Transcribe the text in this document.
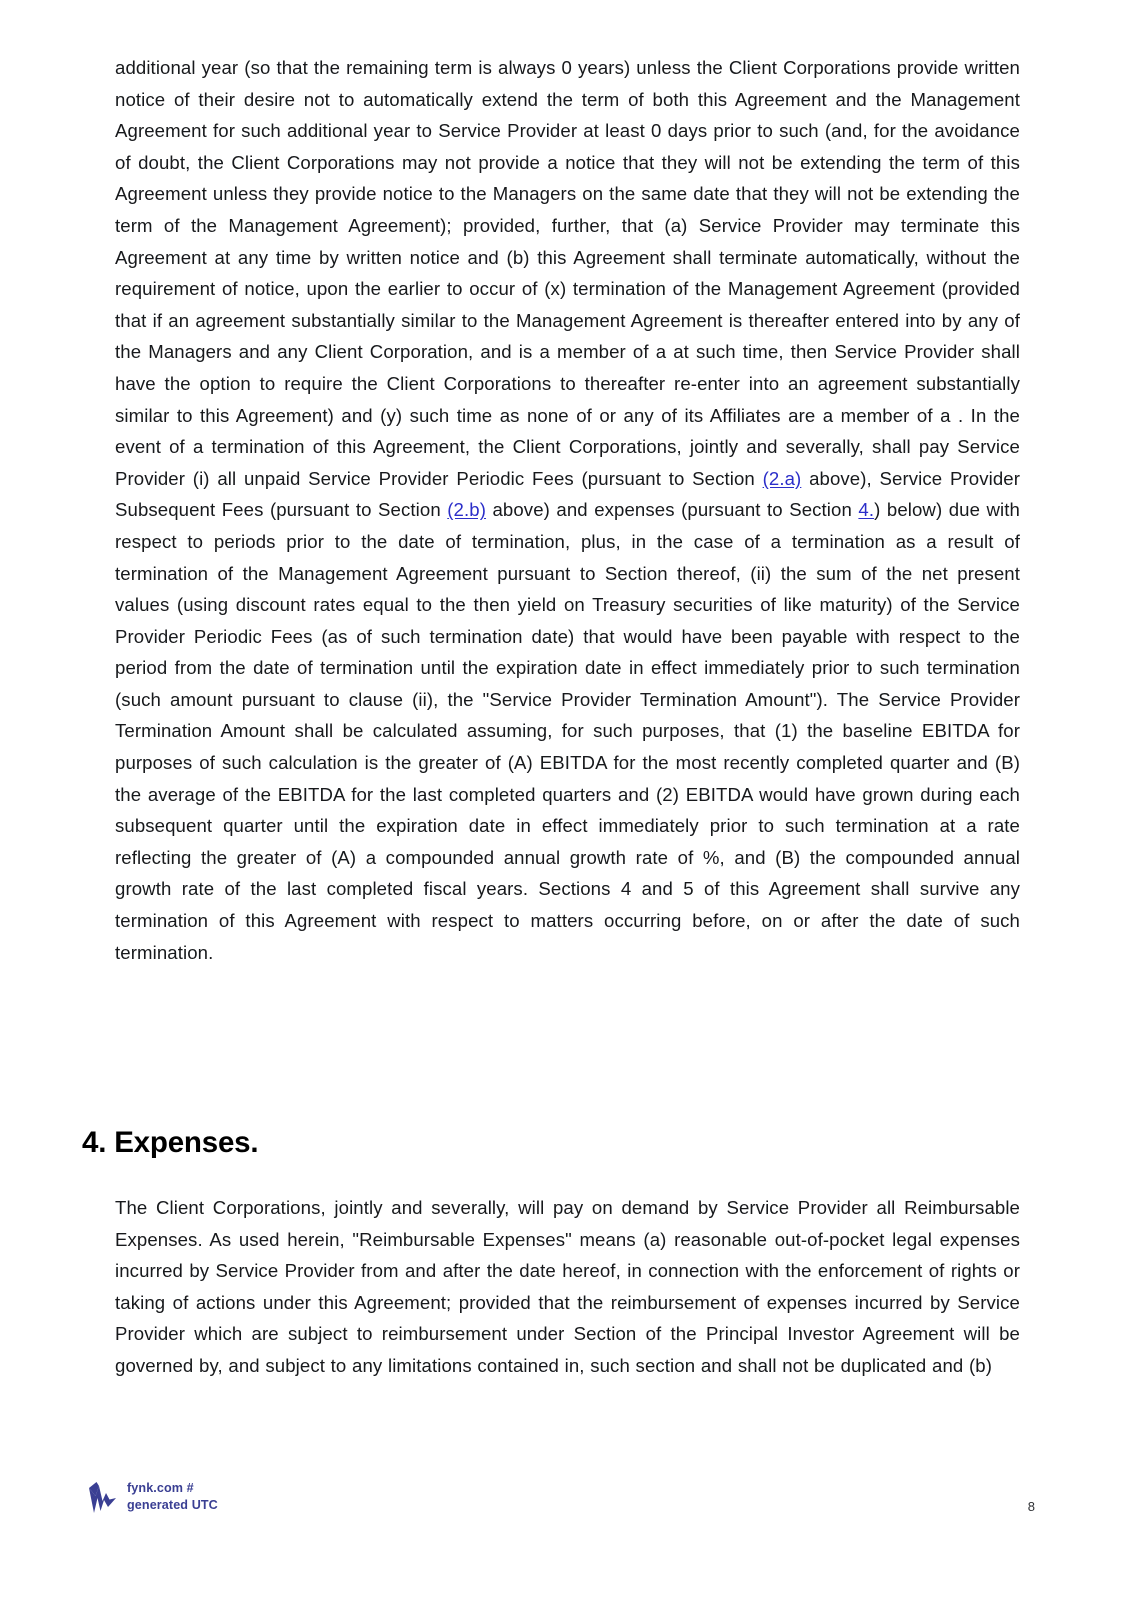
additional year (so that the remaining term is always 0 years) unless the Client Corporations provide written notice of their desire not to automatically extend the term of both this Agreement and the Management Agreement for such additional year to Service Provider at least 0 days prior to such (and, for the avoidance of doubt, the Client Corporations may not provide a notice that they will not be extending the term of this Agreement unless they provide notice to the Managers on the same date that they will not be extending the term of the Management Agreement); provided, further, that (a) Service Provider may terminate this Agreement at any time by written notice and (b) this Agreement shall terminate automatically, without the requirement of notice, upon the earlier to occur of (x) termination of the Management Agreement (provided that if an agreement substantially similar to the Management Agreement is thereafter entered into by any of the Managers and any Client Corporation, and is a member of a at such time, then Service Provider shall have the option to require the Client Corporations to thereafter re-enter into an agreement substantially similar to this Agreement) and (y) such time as none of or any of its Affiliates are a member of a . In the event of a termination of this Agreement, the Client Corporations, jointly and severally, shall pay Service Provider (i) all unpaid Service Provider Periodic Fees (pursuant to Section (2.a) above), Service Provider Subsequent Fees (pursuant to Section (2.b) above) and expenses (pursuant to Section 4.) below) due with respect to periods prior to the date of termination, plus, in the case of a termination as a result of termination of the Management Agreement pursuant to Section thereof, (ii) the sum of the net present values (using discount rates equal to the then yield on Treasury securities of like maturity) of the Service Provider Periodic Fees (as of such termination date) that would have been payable with respect to the period from the date of termination until the expiration date in effect immediately prior to such termination (such amount pursuant to clause (ii), the "Service Provider Termination Amount"). The Service Provider Termination Amount shall be calculated assuming, for such purposes, that (1) the baseline EBITDA for purposes of such calculation is the greater of (A) EBITDA for the most recently completed quarter and (B) the average of the EBITDA for the last completed quarters and (2) EBITDA would have grown during each subsequent quarter until the expiration date in effect immediately prior to such termination at a rate reflecting the greater of (A) a compounded annual growth rate of %, and (B) the compounded annual growth rate of the last completed fiscal years. Sections 4 and 5 of this Agreement shall survive any termination of this Agreement with respect to matters occurring before, on or after the date of such termination.

4. Expenses.

The Client Corporations, jointly and severally, will pay on demand by Service Provider all Reimbursable Expenses. As used herein, "Reimbursable Expenses" means (a) reasonable out-of-pocket legal expenses incurred by Service Provider from and after the date hereof, in connection with the enforcement of rights or taking of actions under this Agreement; provided that the reimbursement of expenses incurred by Service Provider which are subject to reimbursement under Section of the Principal Investor Agreement will be governed by, and subject to any limitations contained in, such section and shall not be duplicated and (b)

fynk.com #
generated UTC	8
